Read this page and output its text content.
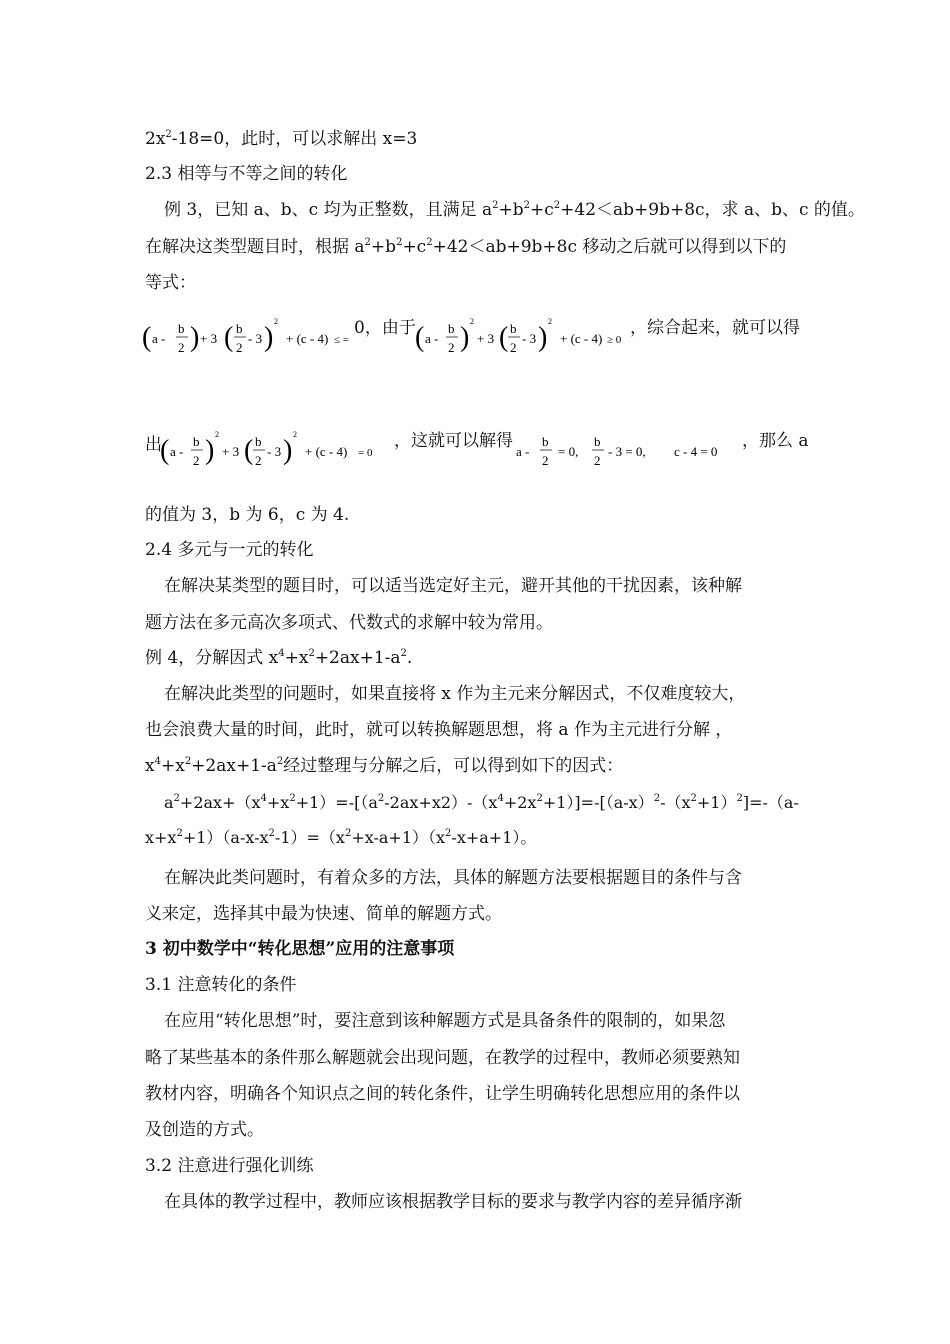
$2x^2-18=0$，此时，可以求解出 x=3
2.3 相等与不等之间的转化
例 3，已知 a、b、c 均为正整数，且满足 $a^2+b^2+c^2+42<ab+9b+8c$，求 a、b、c 的值。
在解决这类型题目时，根据 $a^2+b^2+c^2+42<ab+9b+8c$ 移动之后就可以得到以下的
等式：
( a -
b
2 ) + 3 ( b
2
- 3 )
2
+ (c - 4) ≤ =
0，由于 ( a -
b
2 )
2
+ 3 ( b
2
- 3 )
2
+ (c - 4) ≥ 0
，综合起来，就可以得
出
( a -
b
2 )
2
+ 3 ( b
2
- 3 )
2
+ (c - 4) = 0
，这就可以解得
a -
b
2
= 0,
b
2
- 3 = 0, c - 4 = 0
，那么 a
的值为 3，b 为 6，c 为 4.
2.4 多元与一元的转化
在解决某类型的题目时，可以适当选定好主元，避开其他的干扰因素，该种解
题方法在多元高次多项式、代数式的求解中较为常用。
例 4，分解因式 $x^4+x^2+2ax+1-a^2$.
在解决此类型的问题时，如果直接将 x 作为主元来分解因式，不仅难度较大，
也会浪费大量的时间，此时，就可以转换解题思想，将 a 作为主元进行分解 ，
$x^4+x^2+2ax+1-a^2$经过整理与分解之后，可以得到如下的因式：
$a^2+2ax+(x^4+x^2+1)=-[(a^2-2ax+x2)-(x^4+2x^2+1)]=-[(a-x)^2-(x^2+1)^2]=-(a-$
$x+x^2+1)(a-x-x^2-1)=(x^2+x-a+1)(x^2-x+a+1)$。
在解决此类问题时，有着众多的方法，具体的解题方法要根据题目的条件与含
义来定，选择其中最为快速、简单的解题方式。
3 初中数学中“转化思想”应用的注意事项
3.1 注意转化的条件
在应用“转化思想”时，要注意到该种解题方式是具备条件的限制的，如果忽
略了某些基本的条件那么解题就会出现问题，在教学的过程中，教师必须要熟知
教材内容，明确各个知识点之间的转化条件，让学生明确转化思想应用的条件以
及创造的方式。
3.2 注意进行强化训练
在具体的教学过程中，教师应该根据教学目标的要求与教学内容的差异循序渐
